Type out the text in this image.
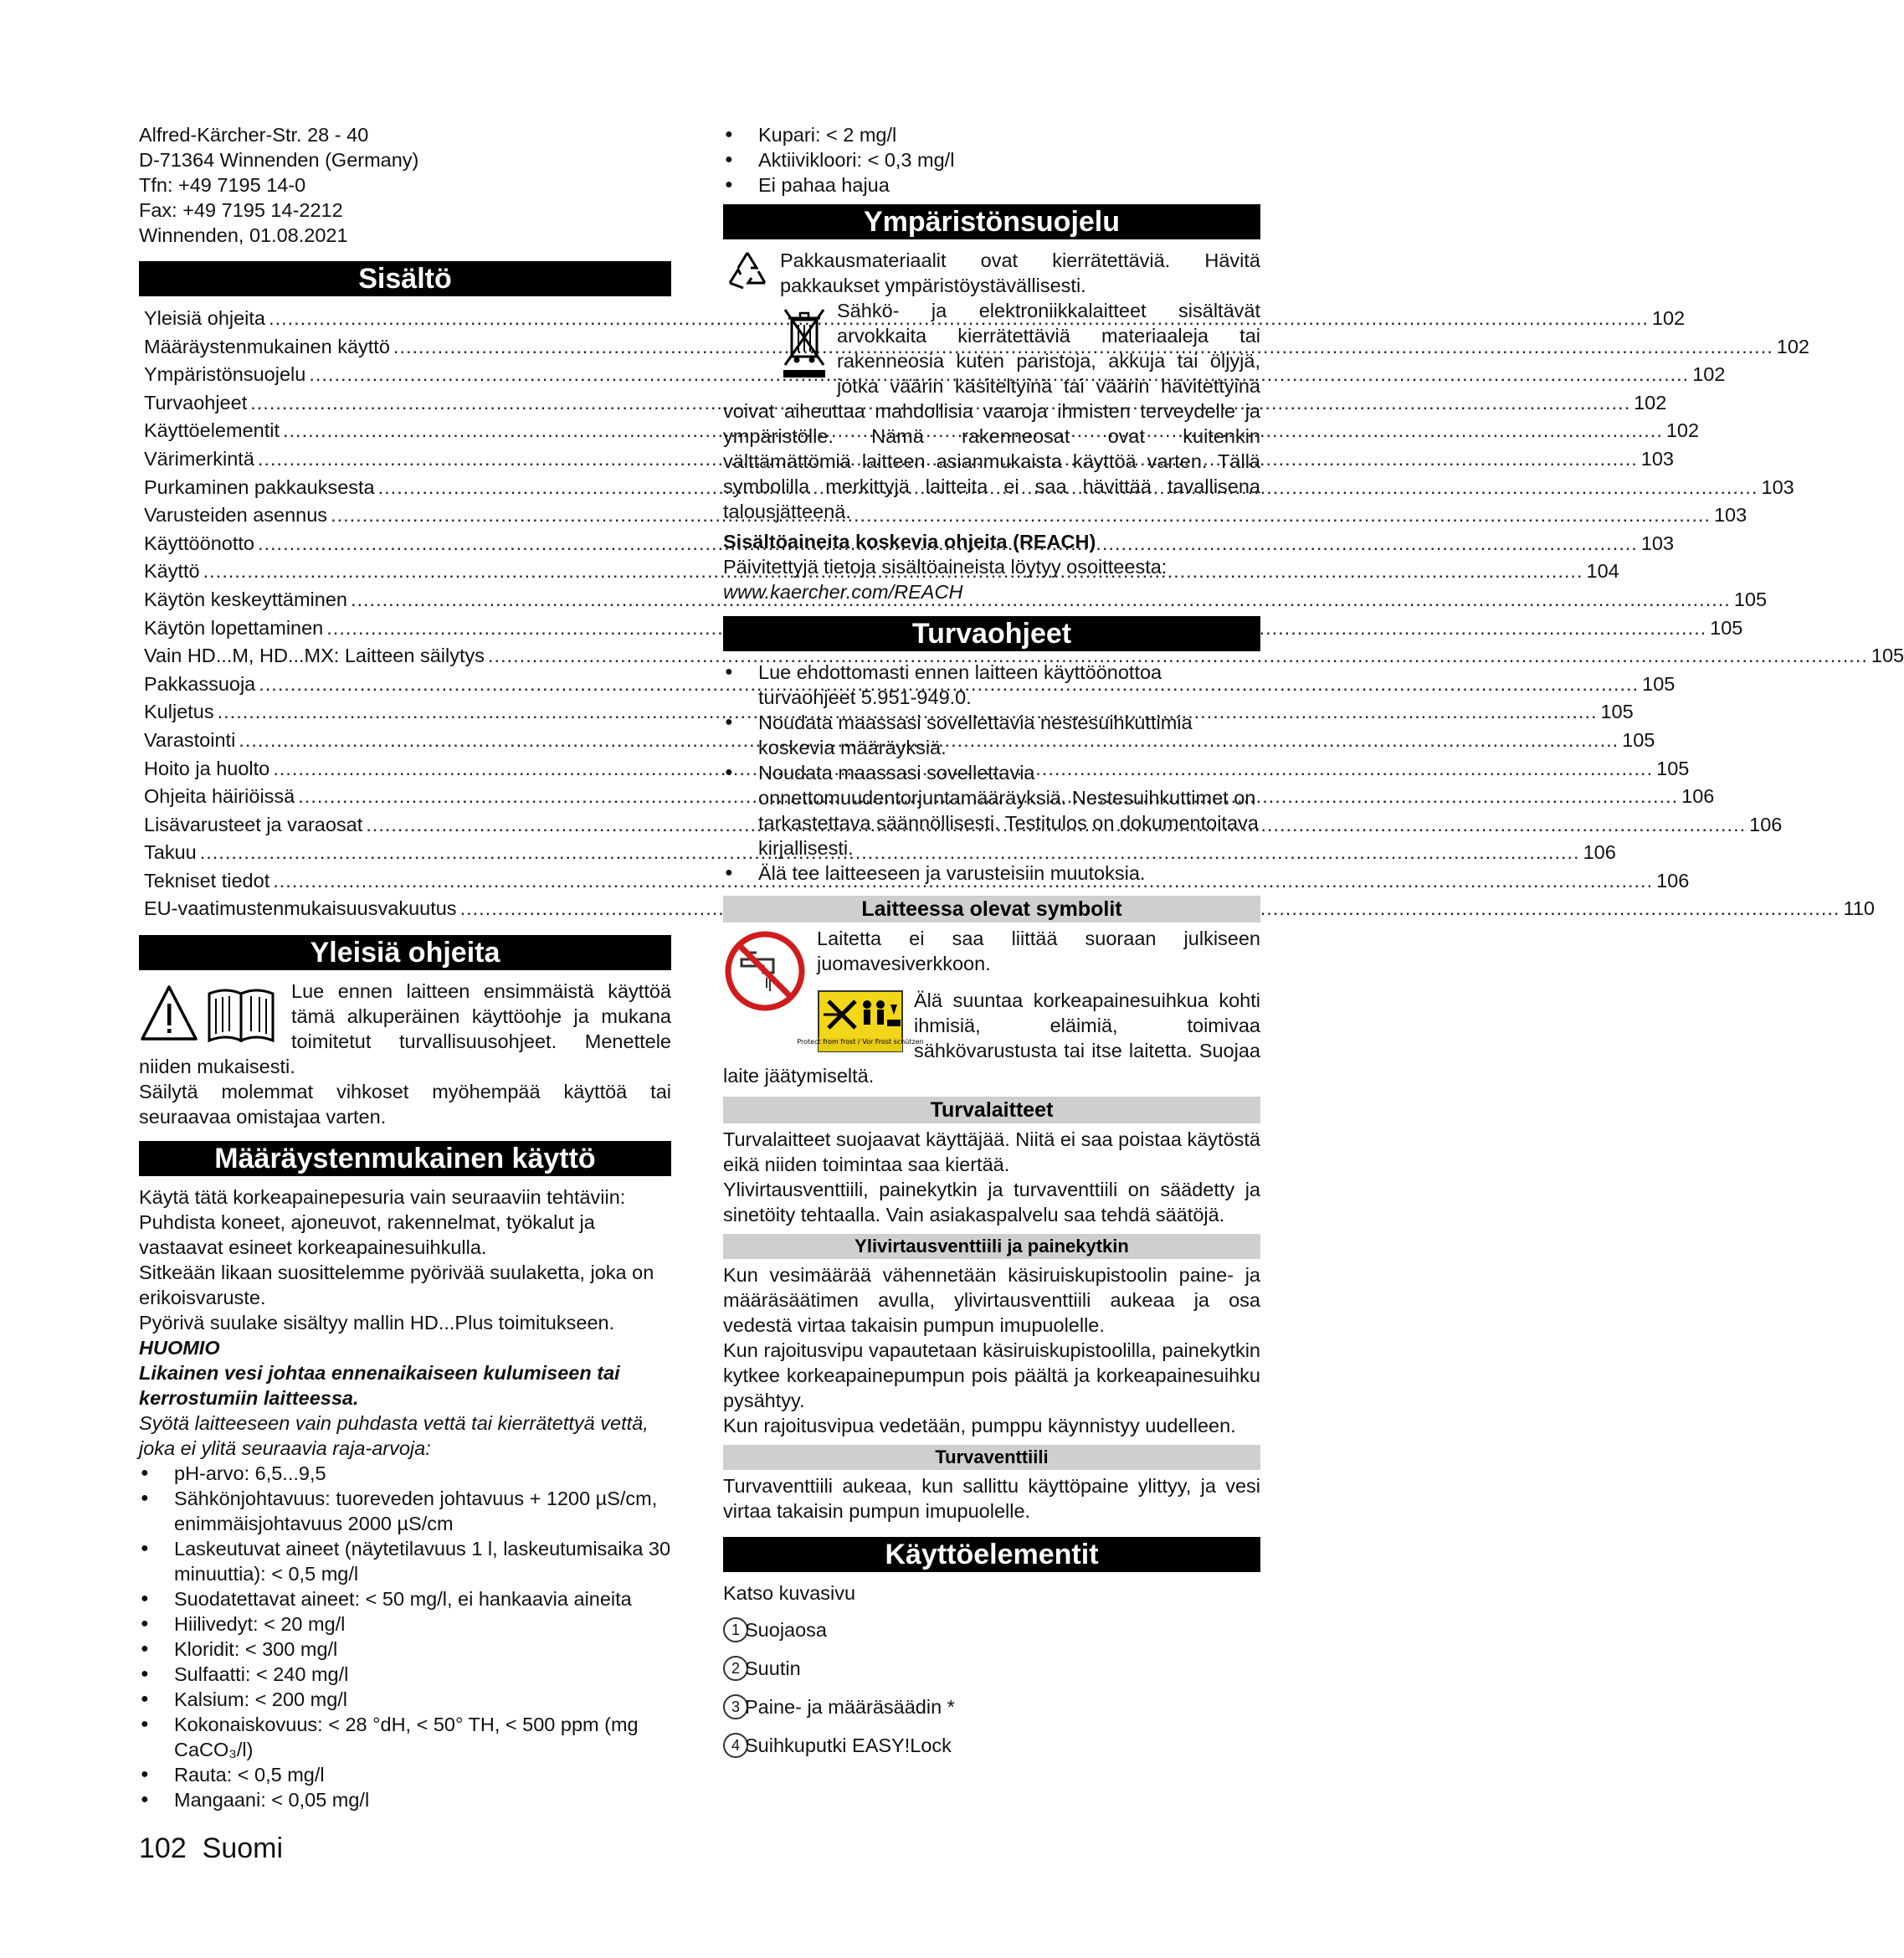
Alfred-Kärcher-Str. 28 - 40

D-71364 Winnenden (Germany)

Tfn: +49 7195 14-0

Fax: +49 7195 14-2212

Winnenden, 01.08.2021

Sisältö
Yleisiä ohjeita .....	102
Määräystenmukainen käyttö .....	102
Ympäristönsuojelu .....	102
Turvaohjeet .....	102
Käyttöelementit .....	102
Värimerkintä .....	103
Purkaminen pakkauksesta .....	103
Varusteiden asennus .....	103
Käyttöönotto .....	103
Käyttö .....	104
Käytön keskeyttäminen .....	105
Käytön lopettaminen .....	105
Vain HD...M, HD...MX: Laitteen säilytys .....	105
Pakkassuoja .....	105
Kuljetus .....	105
Varastointi .....	105
Hoito ja huolto .....	105
Ohjeita häiriöissä .....	106
Lisävarusteet ja varaosat .....	106
Takuu .....	106
Tekniset tiedot .....	106
EU-vaatimustenmukaisuusvakuutus .....	110
Yleisiä ohjeita

Lue ennen laitteen ensimmäistä käyttöä tämä alkuperäinen käyttöohje ja mukana toimitetut turvallisuusohjeet. Menettele niiden mukaisesti.

Säilytä molemmat vihkoset myöhempää käyttöä tai seuraavaa omistajaa varten.

Määräystenmukainen käyttö

Käytä tätä korkeapainepesuria vain seuraaviin tehtäviin: Puhdista koneet, ajoneuvot, rakennelmat, työkalut ja vastaavat esineet korkeapainesuihkulla.

Sitkeään likaan suosittelemme pyörivää suulaketta, joka on erikoisvaruste.

Pyörivä suulake sisältyy mallin HD...Plus toimitukseen.

HUOMIO

Likainen vesi johtaa ennenaikaiseen kulumiseen tai kerrostumiin laitteessa.

Syötä laitteeseen vain puhdasta vettä tai kierrätettyä vettä, joka ei ylitä seuraavia raja-arvoja:

● pH-arvo: 6,5...9,5
● Sähkönjohtavuus: tuoreveden johtavuus + 1200 µS/cm, enimmäisjohtavuus 2000 µS/cm
● Laskeutuvat aineet (näytetilavuus 1 l, laskeutumisaika 30 minuuttia): < 0,5 mg/l
● Suodatettavat aineet: < 50 mg/l, ei hankaavia aineita
● Hiilivedyt: < 20 mg/l
● Kloridit: < 300 mg/l
● Sulfaatti: < 240 mg/l
● Kalsium: < 200 mg/l
● Kokonaiskovuus: < 28 °dH, < 50° TH, < 500 ppm (mg CaCO₃/l)
● Rauta: < 0,5 mg/l
● Mangaani: < 0,05 mg/l
● Kupari: < 2 mg/l
● Aktiivikloori: < 0,3 mg/l
● Ei pahaa hajua
Ympäristönsuojelu

Pakkausmateriaalit ovat kierrätettäviä. Hävitä pakkaukset ympäristöystävällisesti.

Sähkö- ja elektroniikkalaitteet sisältävät arvokkaita kierrätettäviä materiaaleja tai rakenneosia kuten paristoja, akkuja tai öljyjä, jotka väärin käsiteltyinä tai väärin hävitettyinä voivat aiheuttaa mahdollisia vaaroja ihmisten terveydelle ja ympäristölle. Nämä rakenneosat ovat kuitenkin välttämättömiä laitteen asianmukaista käyttöä varten. Tällä symbolilla merkittyjä laitteita ei saa hävittää tavallisena talousjätteenä.

Sisältöaineita koskevia ohjeita (REACH)

Päivitettyjä tietoja sisältöaineista löytyy osoitteesta:

www.kaercher.com/REACH

Turvaohjeet
● Lue ehdottomasti ennen laitteen käyttöönottoa turvaohjeet 5.951-949.0.
● Noudata maassasi sovellettavia nestesuihkuttimia koskevia määräyksiä.
● Noudata maassasi sovellettavia onnettomuudentorjuntamääräyksiä. Nestesuihkuttimet on tarkastettava säännöllisesti. Testitulos on dokumentoitava kirjallisesti.
● Älä tee laitteeseen ja varusteisiin muutoksia.
Laitteessa olevat symbolit

Laitetta ei saa liittää suoraan julkiseen juomavesiverkkoon.

Protect from frost / Vor Frost schützen

Älä suuntaa korkeapainesuihkua kohti ihmisiä, eläimiä, toimivaa sähkövarustusta tai itse laitetta. Suojaa laite jäätymiseltä.

Turvalaitteet

Turvalaitteet suojaavat käyttäjää. Niitä ei saa poistaa käytöstä eikä niiden toimintaa saa kiertää.

Ylivirtausventtiili, painekytkin ja turvaventtiili on säädetty ja sinetöity tehtaalla. Vain asiakaspalvelu saa tehdä säätöjä.

Ylivirtausventtiili ja painekytkin

Kun vesimäärää vähennetään käsiruiskupistoolin paine- ja määräsäätimen avulla, ylivirtausventtiili aukeaa ja osa vedestä virtaa takaisin pumpun imupuolelle.

Kun rajoitusvipu vapautetaan käsiruiskupistoolilla, painekytkin kytkee korkeapainepumpun pois päältä ja korkeapainesuihku pysähtyy.

Kun rajoitusvipua vedetään, pumppu käynnistyy uudelleen.

Turvaventtiili

Turvaventtiili aukeaa, kun sallittu käyttöpaine ylittyy, ja vesi virtaa takaisin pumpun imupuolelle.

Käyttöelementit

Katso kuvasivu

1 Suojaosa
2 Suutin
3 Paine- ja määräsäädin *
4 Suihkuputki EASY!Lock
102 Suomi
